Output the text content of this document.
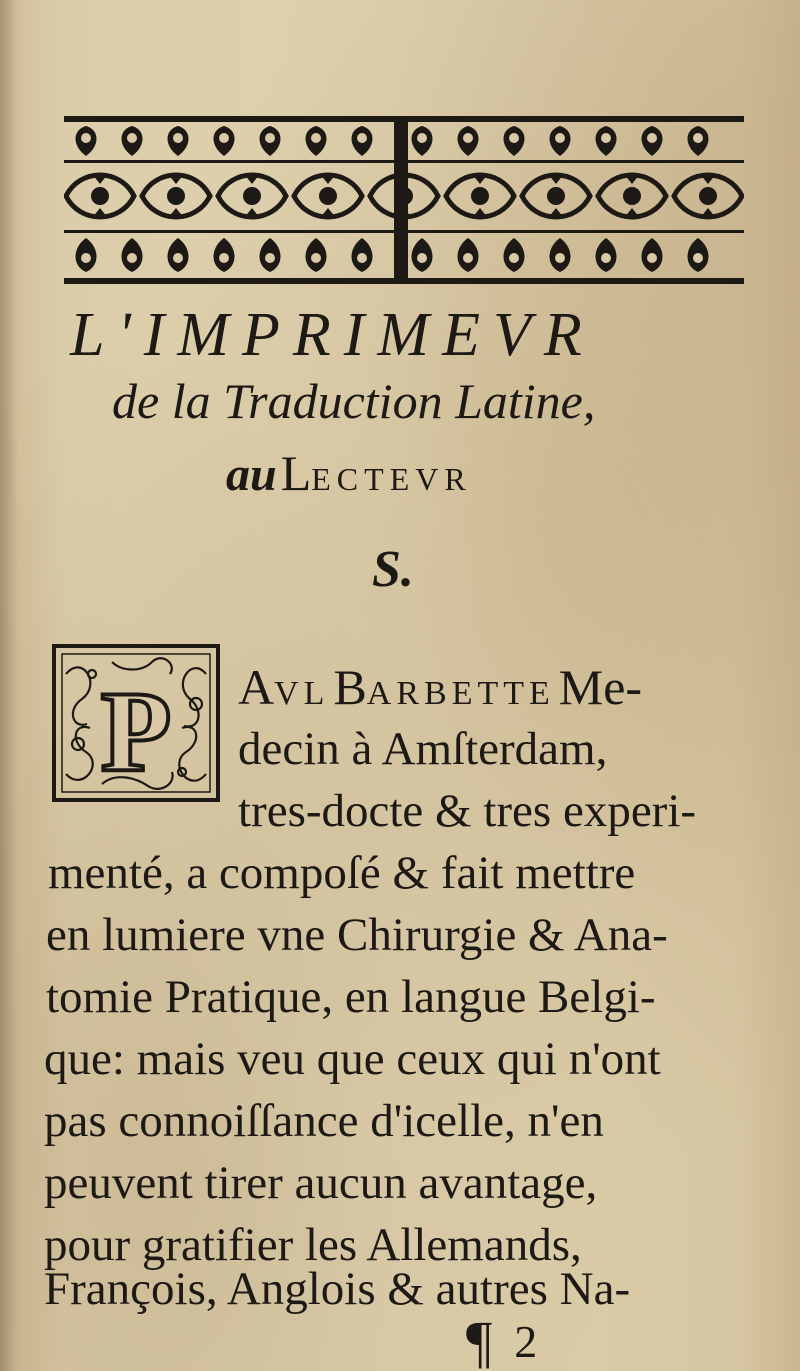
L'IMPRIMEVR
de la Traduction Latine,
au LECTEVR
S.
P AVL BARBETTE Me-
decin à Amſterdam,
tres-docte & tres experi-
menté, a compoſé & fait mettre
en lumiere vne Chirurgie & Ana-
tomie Pratique, en langue Belgi-
que: mais veu que ceux qui n'ont
pas connoiſſance d'icelle, n'en
peuvent tirer aucun avantage,
pour gratifier les Allemands,
François, Anglois & autres Na-
¶ 2
